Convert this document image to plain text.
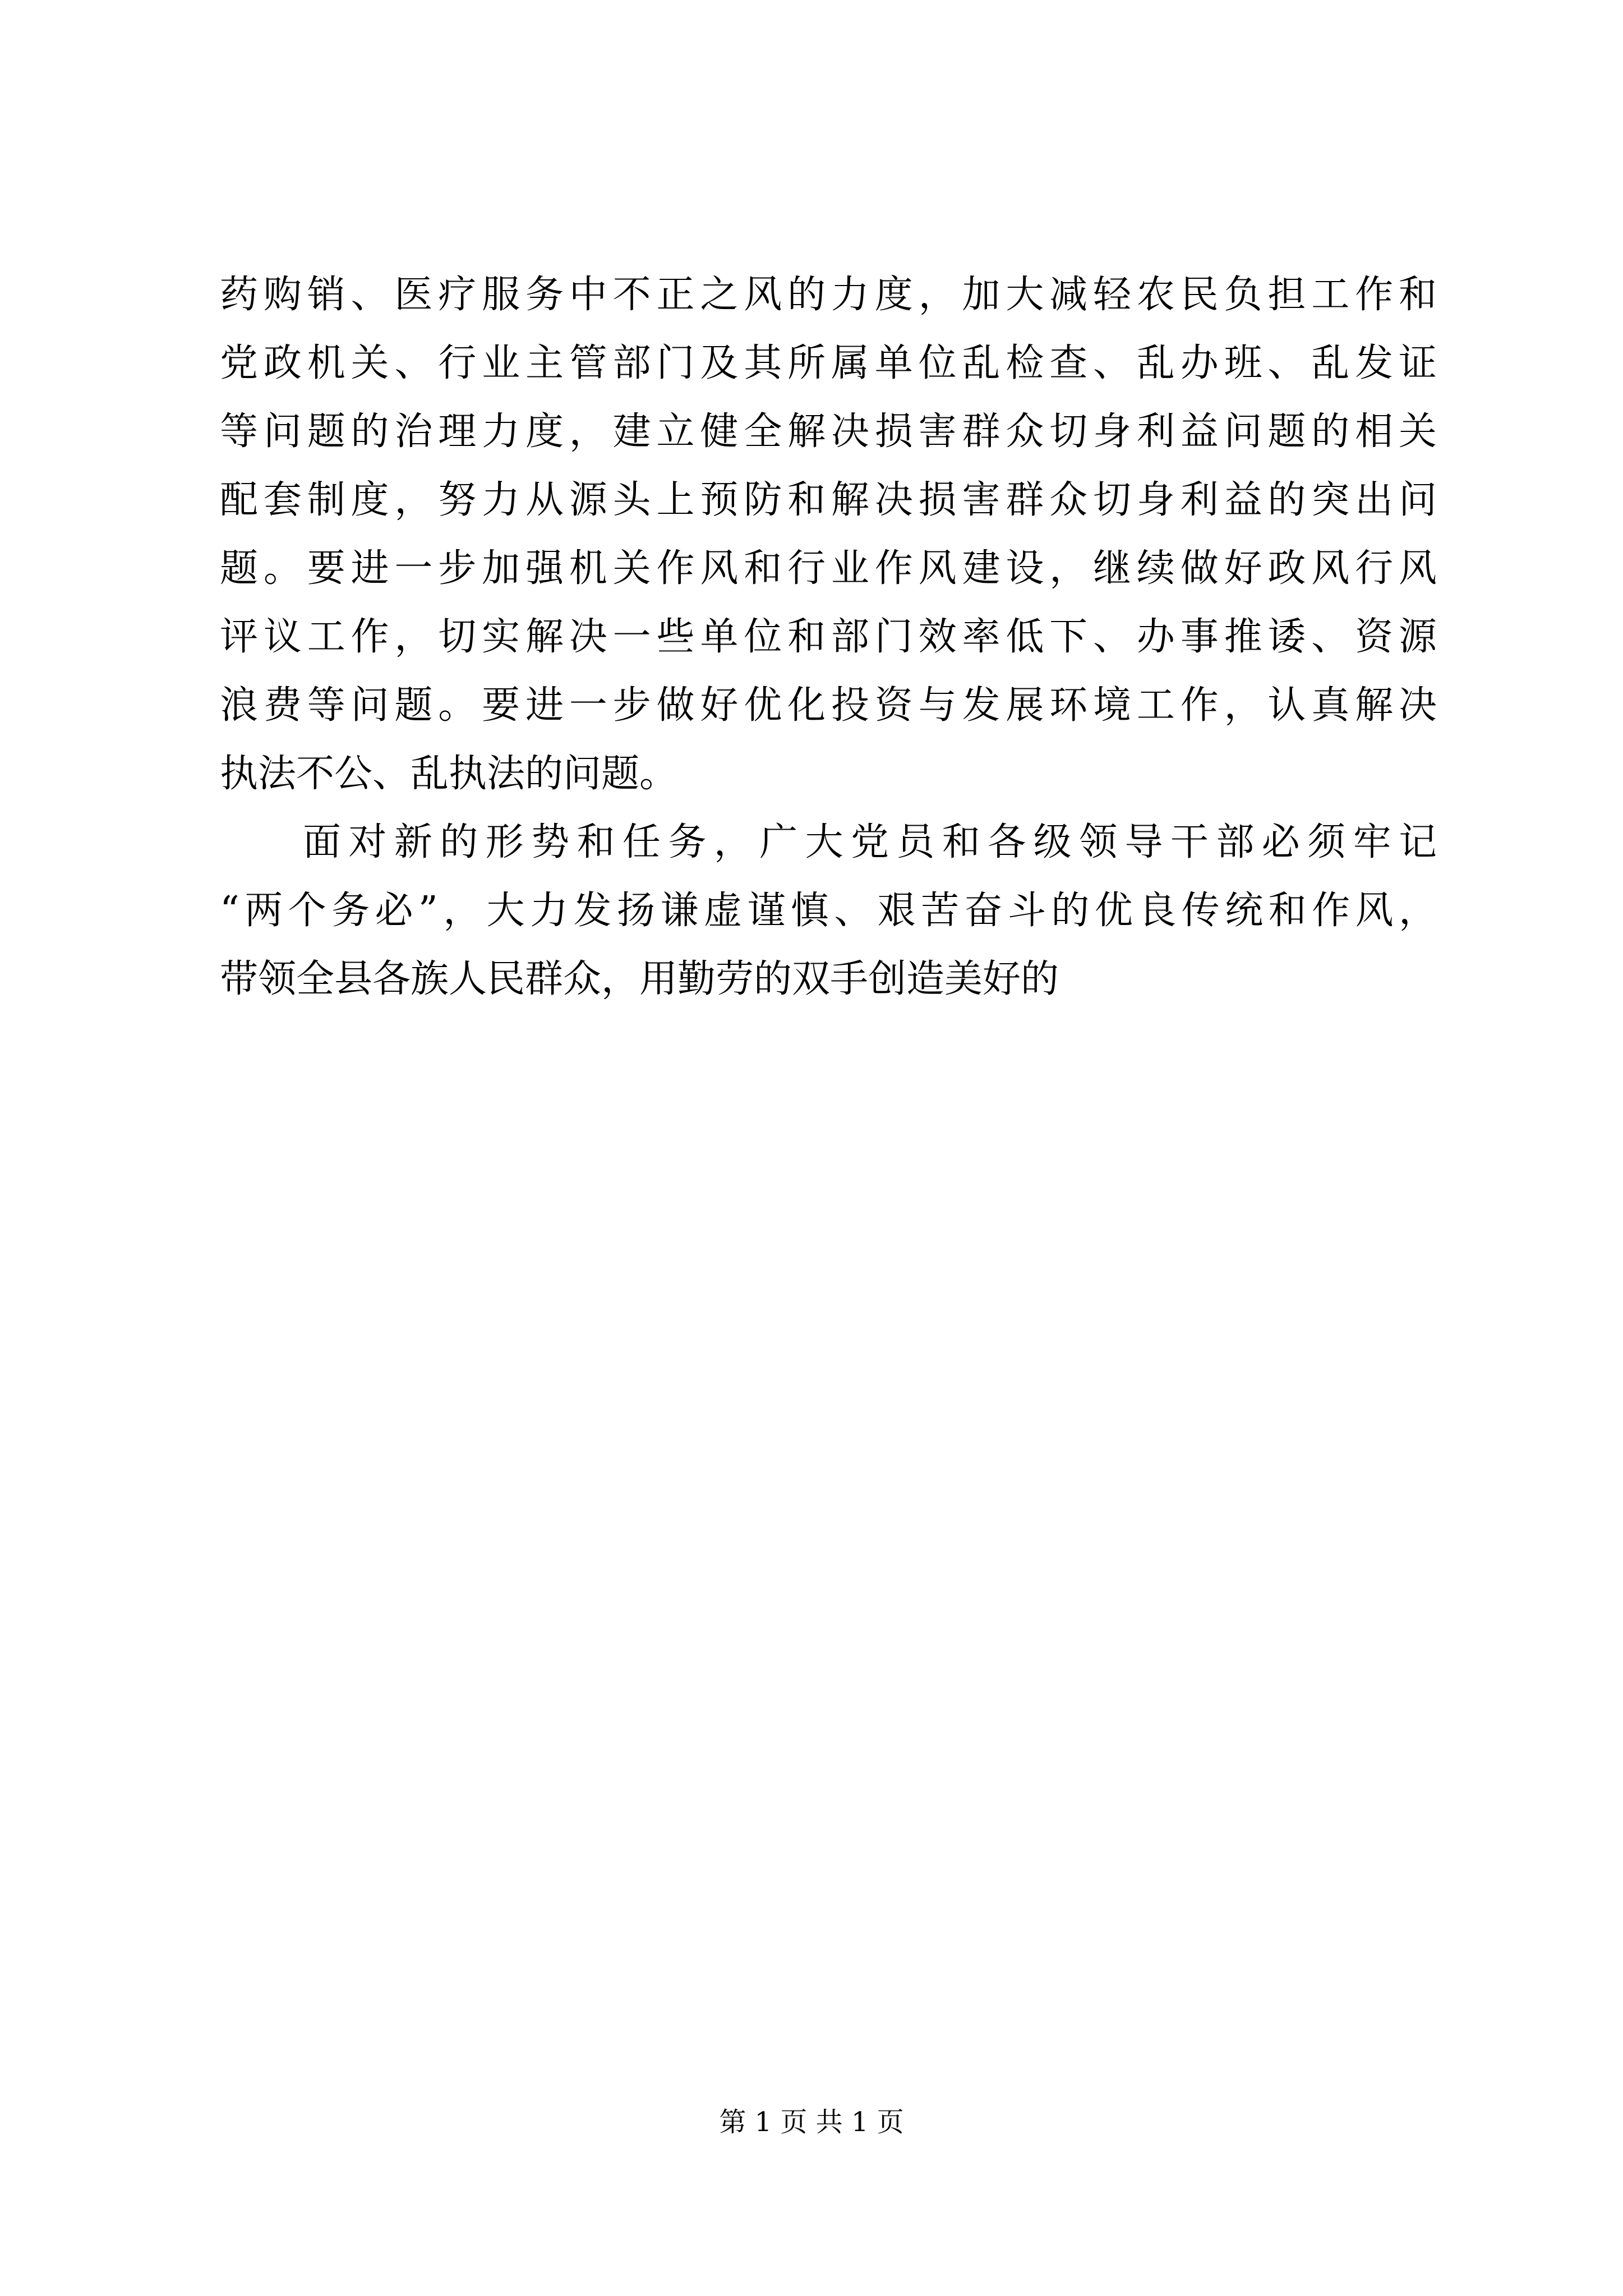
药购销、医疗服务中不正之风的力度，加大减轻农民负担工作和
党政机关、行业主管部门及其所属单位乱检查、乱办班、乱发证
等问题的治理力度，建立健全解决损害群众切身利益问题的相关
配套制度，努力从源头上预防和解决损害群众切身利益的突出问
题。要进一步加强机关作风和行业作风建设，继续做好政风行风
评议工作，切实解决一些单位和部门效率低下、办事推诿、资源
浪费等问题。要进一步做好优化投资与发展环境工作，认真解决
执法不公、乱执法的问题。
面对新的形势和任务，广大党员和各级领导干部必须牢记
“两个务必”，大力发扬谦虚谨慎、艰苦奋斗的优良传统和作风，
带领全县各族人民群众，用勤劳的双手创造美好的
第 1 页 共 1 页
